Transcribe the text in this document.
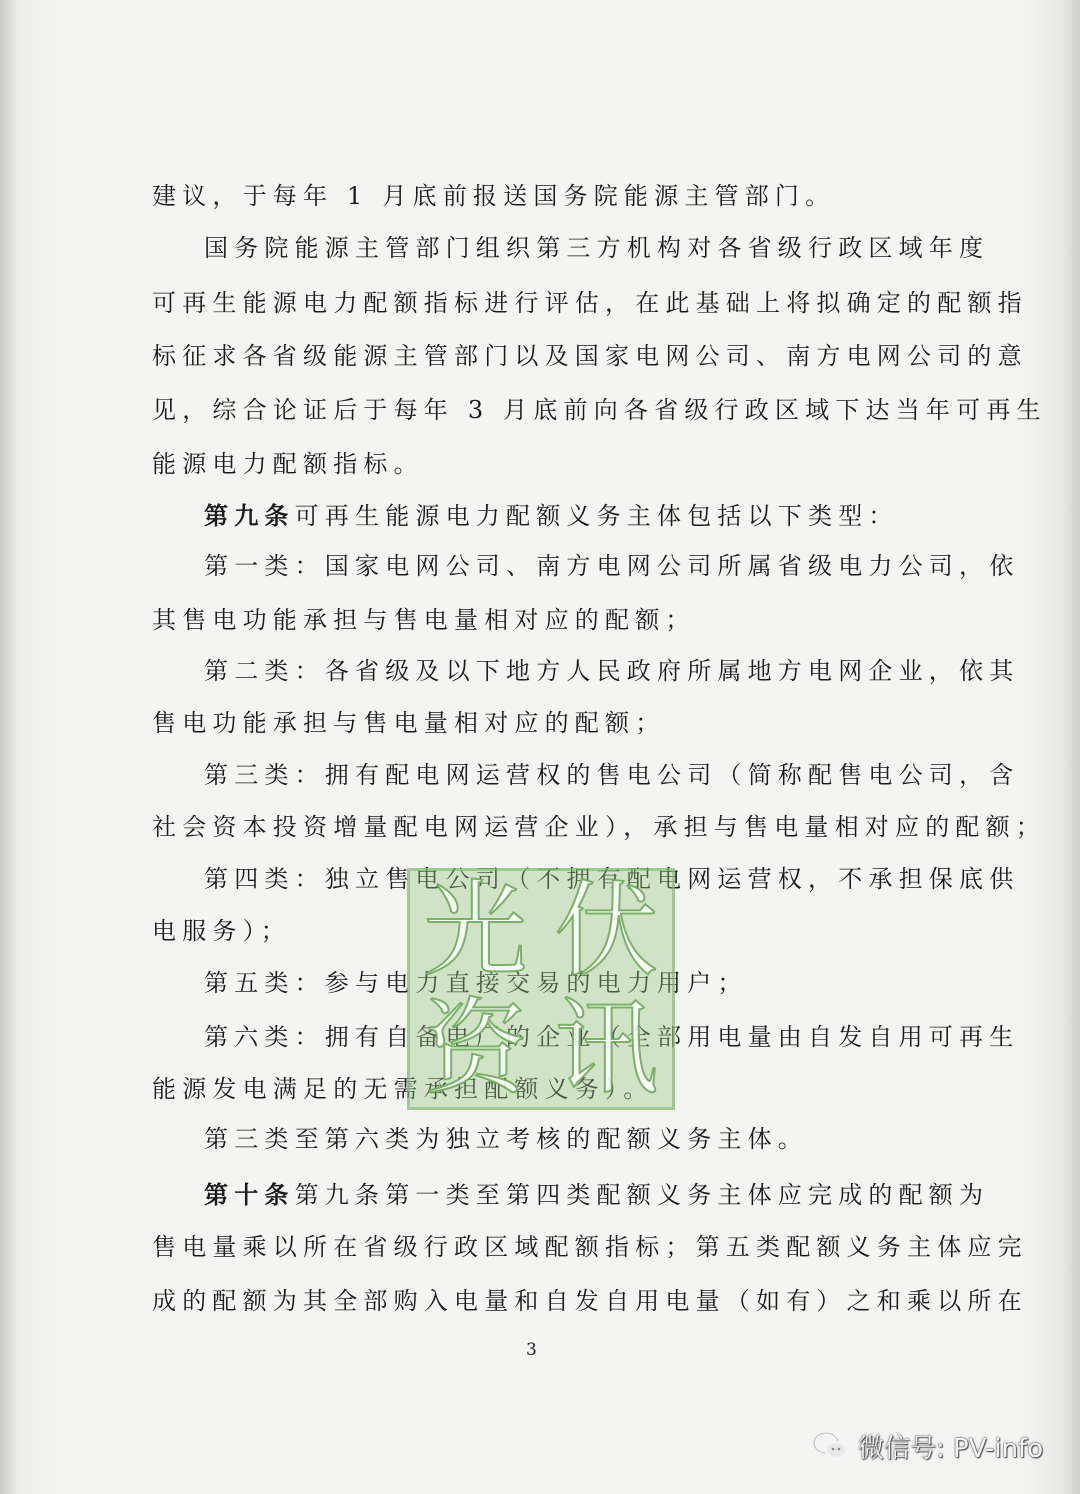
建议，于每年 1 月底前报送国务院能源主管部门。
国务院能源主管部门组织第三方机构对各省级行政区域年度
可再生能源电力配额指标进行评估，在此基础上将拟确定的配额指
标征求各省级能源主管部门以及国家电网公司、南方电网公司的意
见，综合论证后于每年 3 月底前向各省级行政区域下达当年可再生
能源电力配额指标。
第九条可再生能源电力配额义务主体包括以下类型：
第一类：国家电网公司、南方电网公司所属省级电力公司，依
其售电功能承担与售电量相对应的配额；
第二类：各省级及以下地方人民政府所属地方电网企业，依其
售电功能承担与售电量相对应的配额；
第三类：拥有配电网运营权的售电公司（简称配售电公司，含
社会资本投资增量配电网运营企业），承担与售电量相对应的配额；
第四类：独立售电公司（不拥有配电网运营权，不承担保底供
电服务）；
第五类：参与电力直接交易的电力用户；
第六类：拥有自备电厂的企业（全部用电量由自发自用可再生
能源发电满足的无需承担配额义务）。
第三类至第六类为独立考核的配额义务主体。
第十条第九条第一类至第四类配额义务主体应完成的配额为
售电量乘以所在省级行政区域配额指标；第五类配额义务主体应完
成的配额为其全部购入电量和自发自用电量（如有）之和乘以所在
3
光 伏
资 讯
微信号: PV-info
